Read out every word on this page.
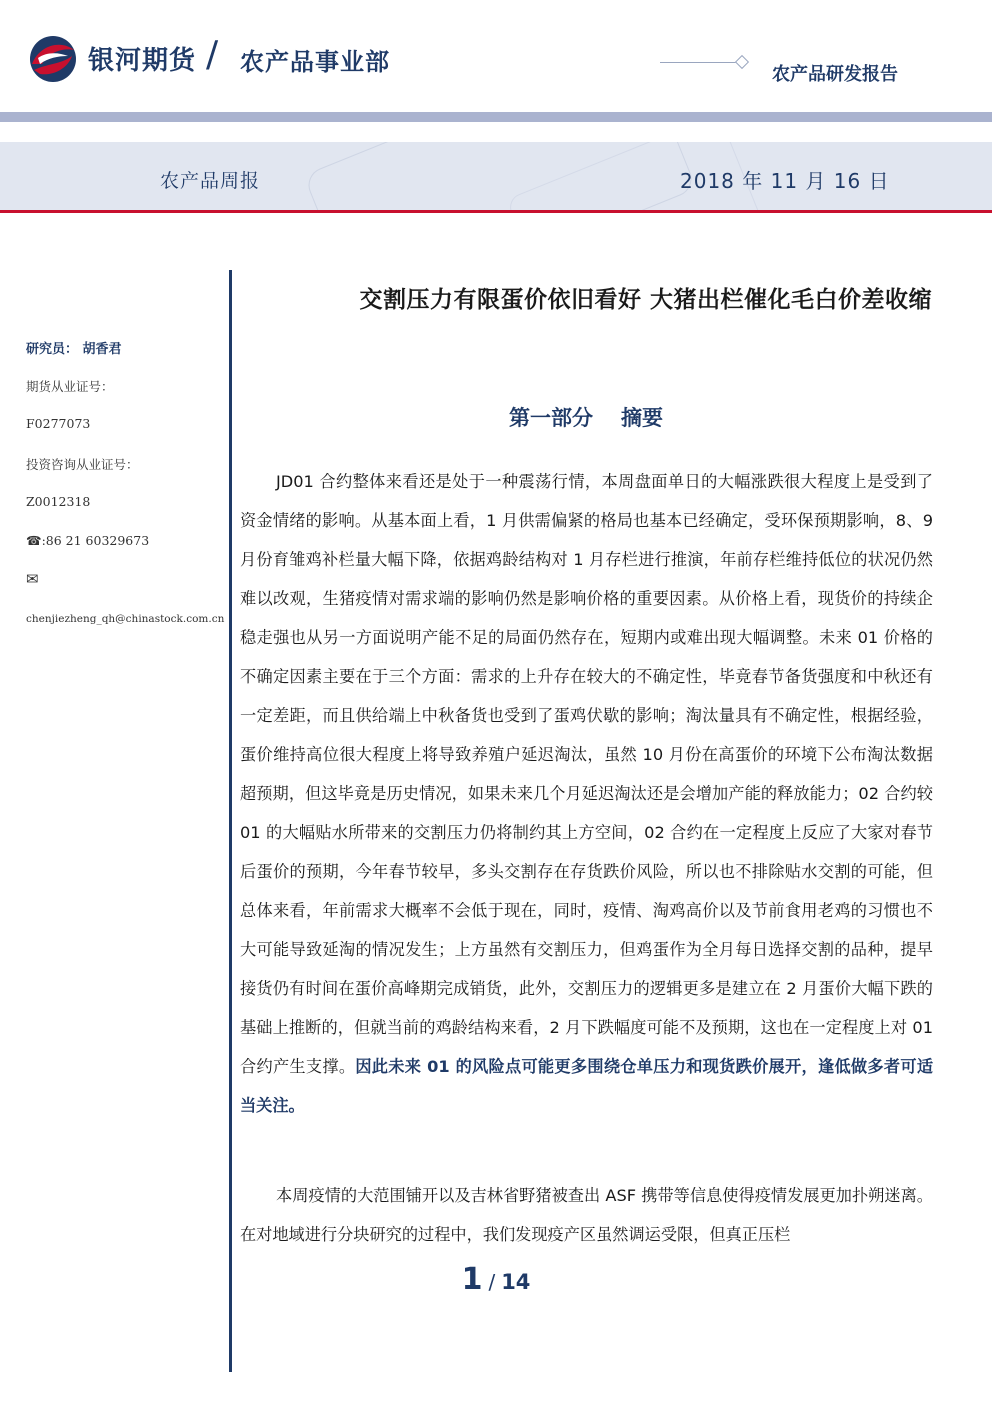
银河期货 / 农产品事业部	农产品研发报告
农产品周报	2018 年 11 月 16 日
研究员： 胡香君
期货从业证号：
F0277073
投资咨询从业证号：
Z0012318
☎:86 21 60329673
✉
chenjiezheng_qh@chinastock.com.cn
交割压力有限蛋价依旧看好 大猪出栏催化毛白价差收缩
第一部分 摘要
JD01 合约整体来看还是处于一种震荡行情，本周盘面单日的大幅涨跌很大程度上是受到了资金情绪的影响。从基本面上看，1 月供需偏紧的格局也基本已经确定，受环保预期影响，8、9 月份育雏鸡补栏量大幅下降，依据鸡龄结构对 1 月存栏进行推演，年前存栏维持低位的状况仍然难以改观，生猪疫情对需求端的影响仍然是影响价格的重要因素。从价格上看，现货价的持续企稳走强也从另一方面说明产能不足的局面仍然存在，短期内或难出现大幅调整。未来 01 价格的不确定因素主要在于三个方面：需求的上升存在较大的不确定性，毕竟春节备货强度和中秋还有一定差距，而且供给端上中秋备货也受到了蛋鸡伏歇的影响；淘汰量具有不确定性，根据经验，蛋价维持高位很大程度上将导致养殖户延迟淘汰，虽然 10 月份在高蛋价的环境下公布淘汰数据超预期，但这毕竟是历史情况，如果未来几个月延迟淘汰还是会增加产能的释放能力；02 合约较 01 的大幅贴水所带来的交割压力仍将制约其上方空间，02 合约在一定程度上反应了大家对春节后蛋价的预期，今年春节较早，多头交割存在存货跌价风险，所以也不排除贴水交割的可能，但总体来看，年前需求大概率不会低于现在，同时，疫情、淘鸡高价以及节前食用老鸡的习惯也不大可能导致延淘的情况发生；上方虽然有交割压力，但鸡蛋作为全月每日选择交割的品种，提早接货仍有时间在蛋价高峰期完成销货，此外，交割压力的逻辑更多是建立在 2 月蛋价大幅下跌的基础上推断的，但就当前的鸡龄结构来看，2 月下跌幅度可能不及预期，这也在一定程度上对 01 合约产生支撑。因此未来 01 的风险点可能更多围绕仓单压力和现货跌价展开，逢低做多者可适当关注。
本周疫情的大范围铺开以及吉林省野猪被查出 ASF 携带等信息使得疫情发展更加扑朔迷离。在对地域进行分块研究的过程中，我们发现疫产区虽然调运受限，但真正压栏
1 / 14
